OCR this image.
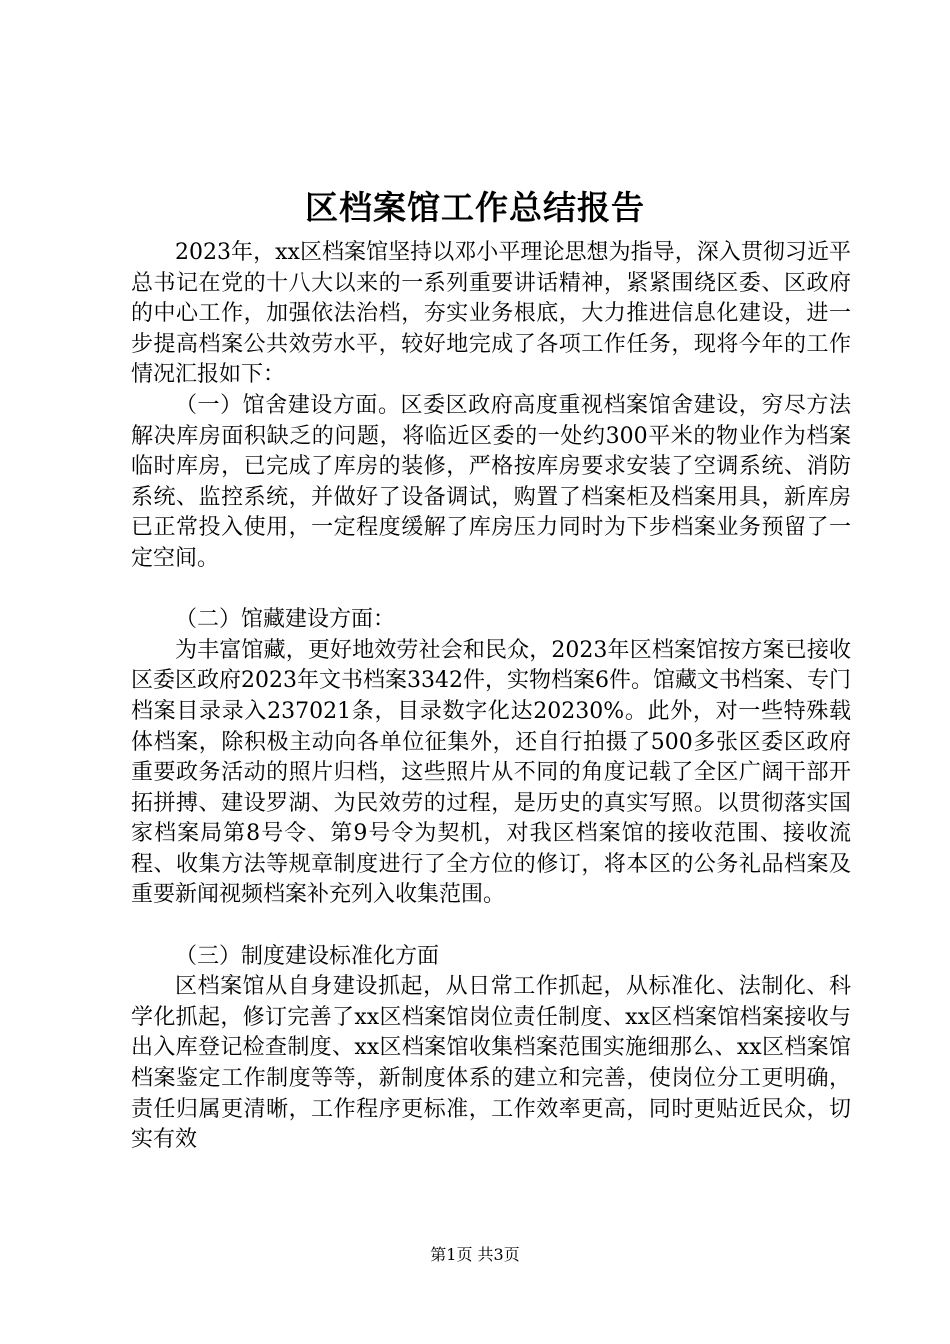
区档案馆工作总结报告

2023年，xx区档案馆坚持以邓小平理论思想为指导，深入贯彻习近平总书记在党的十八大以来的一系列重要讲话精神，紧紧围绕区委、区政府的中心工作，加强依法治档，夯实业务根底，大力推进信息化建设，进一步提高档案公共效劳水平，较好地完成了各项工作任务，现将今年的工作情况汇报如下：

（一）馆舍建设方面。区委区政府高度重视档案馆舍建设，穷尽方法解决库房面积缺乏的问题，将临近区委的一处约300平米的物业作为档案临时库房，已完成了库房的装修，严格按库房要求安装了空调系统、消防系统、监控系统，并做好了设备调试，购置了档案柜及档案用具，新库房已正常投入使用，一定程度缓解了库房压力同时为下步档案业务预留了一定空间。

（二）馆藏建设方面：

为丰富馆藏，更好地效劳社会和民众，2023年区档案馆按方案已接收区委区政府2023年文书档案3342件，实物档案6件。馆藏文书档案、专门档案目录录入237021条，目录数字化达20230%。此外，对一些特殊载体档案，除积极主动向各单位征集外，还自行拍摄了500多张区委区政府重要政务活动的照片归档，这些照片从不同的角度记载了全区广阔干部开拓拼搏、建设罗湖、为民效劳的过程，是历史的真实写照。以贯彻落实国家档案局第8号令、第9号令为契机，对我区档案馆的接收范围、接收流程、收集方法等规章制度进行了全方位的修订，将本区的公务礼品档案及重要新闻视频档案补充列入收集范围。

（三）制度建设标准化方面

区档案馆从自身建设抓起，从日常工作抓起，从标准化、法制化、科学化抓起，修订完善了xx区档案馆岗位责任制度、xx区档案馆档案接收与出入库登记检查制度、xx区档案馆收集档案范围实施细那么、xx区档案馆档案鉴定工作制度等等，新制度体系的建立和完善，使岗位分工更明确，责任归属更清晰，工作程序更标准，工作效率更高，同时更贴近民众，切实有效

第1页 共3页
